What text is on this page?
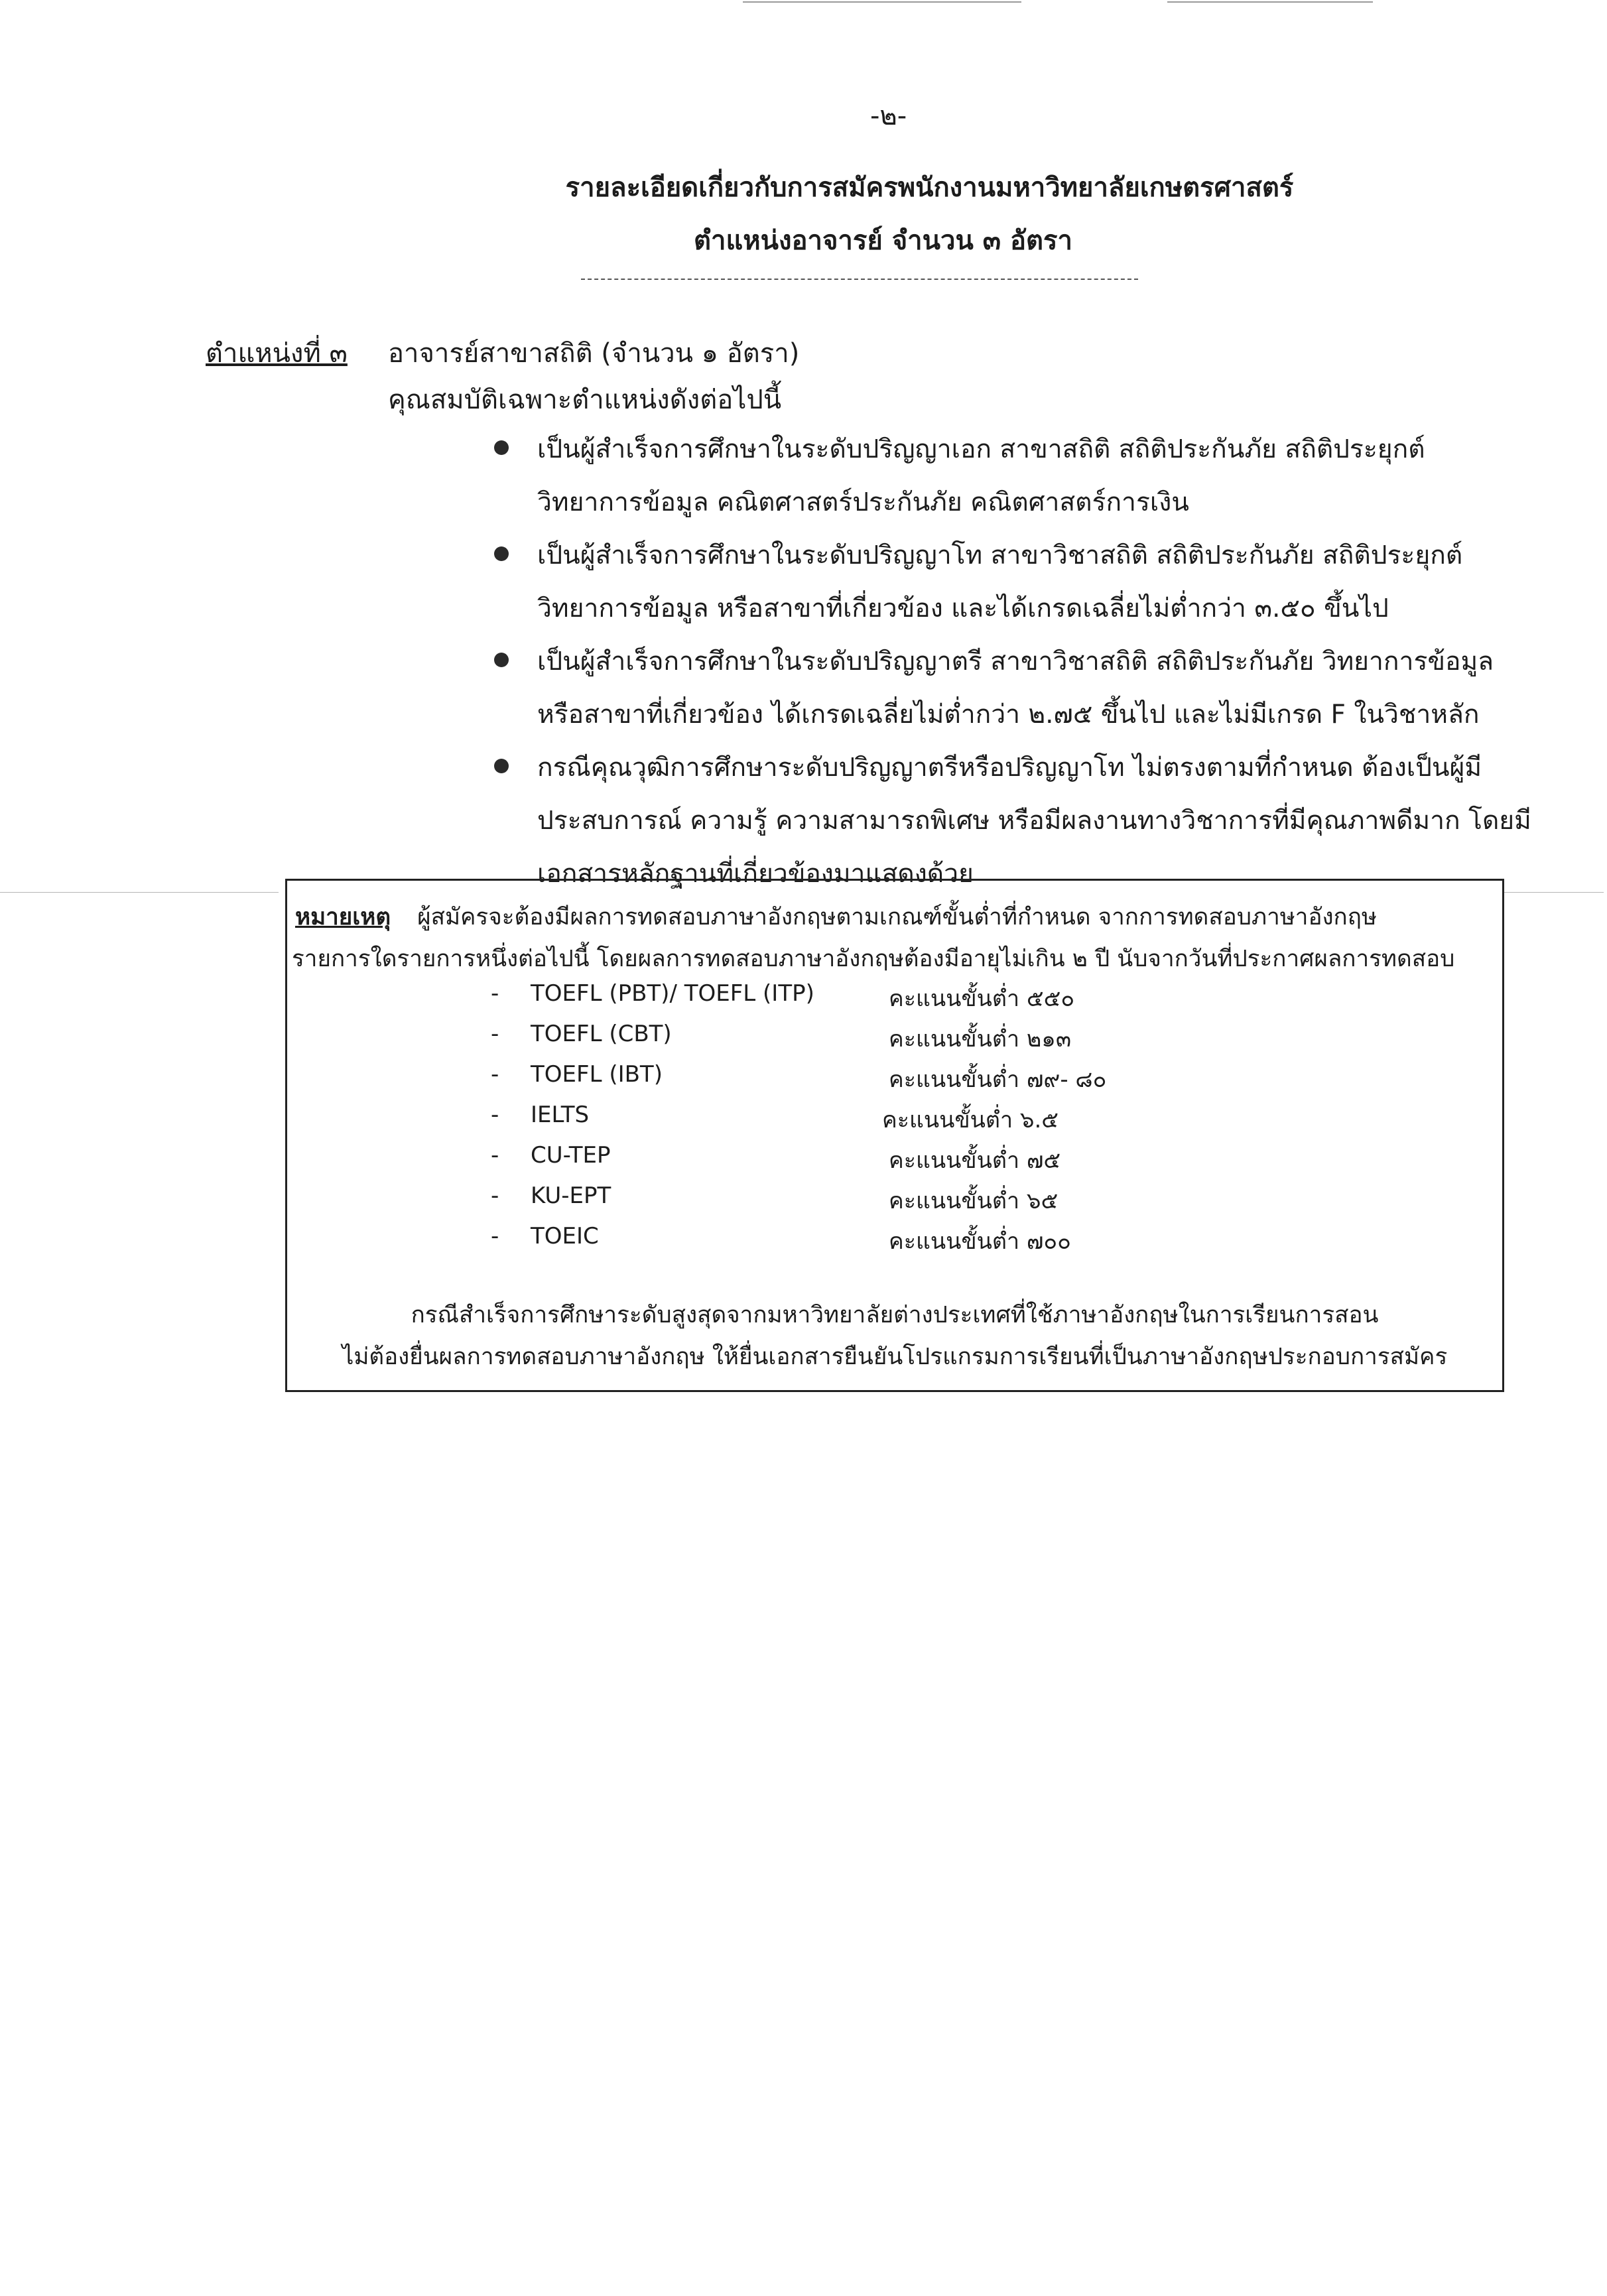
-๒-
รายละเอียดเกี่ยวกับการสมัครพนักงานมหาวิทยาลัยเกษตรศาสตร์
ตำแหน่งอาจารย์ จำนวน ๓ อัตรา
ตำแหน่งที่ ๓ อาจารย์สาขาสถิติ (จำนวน ๑ อัตรา)
คุณสมบัติเฉพาะตำแหน่งดังต่อไปนี้
เป็นผู้สำเร็จการศึกษาในระดับปริญญาเอก สาขาสถิติ สถิติประกันภัย สถิติประยุกต์ วิทยาการข้อมูล คณิตศาสตร์ประกันภัย คณิตศาสตร์การเงิน
เป็นผู้สำเร็จการศึกษาในระดับปริญญาโท สาขาวิชาสถิติ สถิติประกันภัย สถิติประยุกต์ วิทยาการข้อมูล หรือสาขาที่เกี่ยวข้อง และได้เกรดเฉลี่ยไม่ต่ำกว่า ๓.๕๐ ขึ้นไป
เป็นผู้สำเร็จการศึกษาในระดับปริญญาตรี สาขาวิชาสถิติ สถิติประกันภัย วิทยาการข้อมูล หรือสาขาที่เกี่ยวข้อง ได้เกรดเฉลี่ยไม่ต่ำกว่า ๒.๗๕ ขึ้นไป และไม่มีเกรด F ในวิชาหลัก
กรณีคุณวุฒิการศึกษาระดับปริญญาตรีหรือปริญญาโท ไม่ตรงตามที่กำหนด ต้องเป็นผู้มีประสบการณ์ ความรู้ ความสามารถพิเศษ หรือมีผลงานทางวิชาการที่มีคุณภาพดีมาก โดยมีเอกสารหลักฐานที่เกี่ยวข้องมาแสดงด้วย
หมายเหตุ ผู้สมัครจะต้องมีผลการทดสอบภาษาอังกฤษตามเกณฑ์ขั้นต่ำที่กำหนด จากการทดสอบภาษาอังกฤษ
รายการใดรายการหนึ่งต่อไปนี้ โดยผลการทดสอบภาษาอังกฤษต้องมีอายุไม่เกิน ๒ ปี นับจากวันที่ประกาศผลการทดสอบ
- TOEFL (PBT)/ TOEFL (ITP)	คะแนนขั้นต่ำ ๕๕๐
- TOEFL (CBT)	คะแนนขั้นต่ำ ๒๑๓
- TOEFL (IBT)	คะแนนขั้นต่ำ ๗๙- ๘๐
- IELTS	คะแนนขั้นต่ำ ๖.๕
- CU-TEP	คะแนนขั้นต่ำ ๗๕
- KU-EPT	คะแนนขั้นต่ำ ๖๕
- TOEIC	คะแนนขั้นต่ำ ๗๐๐
กรณีสำเร็จการศึกษาระดับสูงสุดจากมหาวิทยาลัยต่างประเทศที่ใช้ภาษาอังกฤษในการเรียนการสอน
ไม่ต้องยื่นผลการทดสอบภาษาอังกฤษ ให้ยื่นเอกสารยืนยันโปรแกรมการเรียนที่เป็นภาษาอังกฤษประกอบการสมัคร
